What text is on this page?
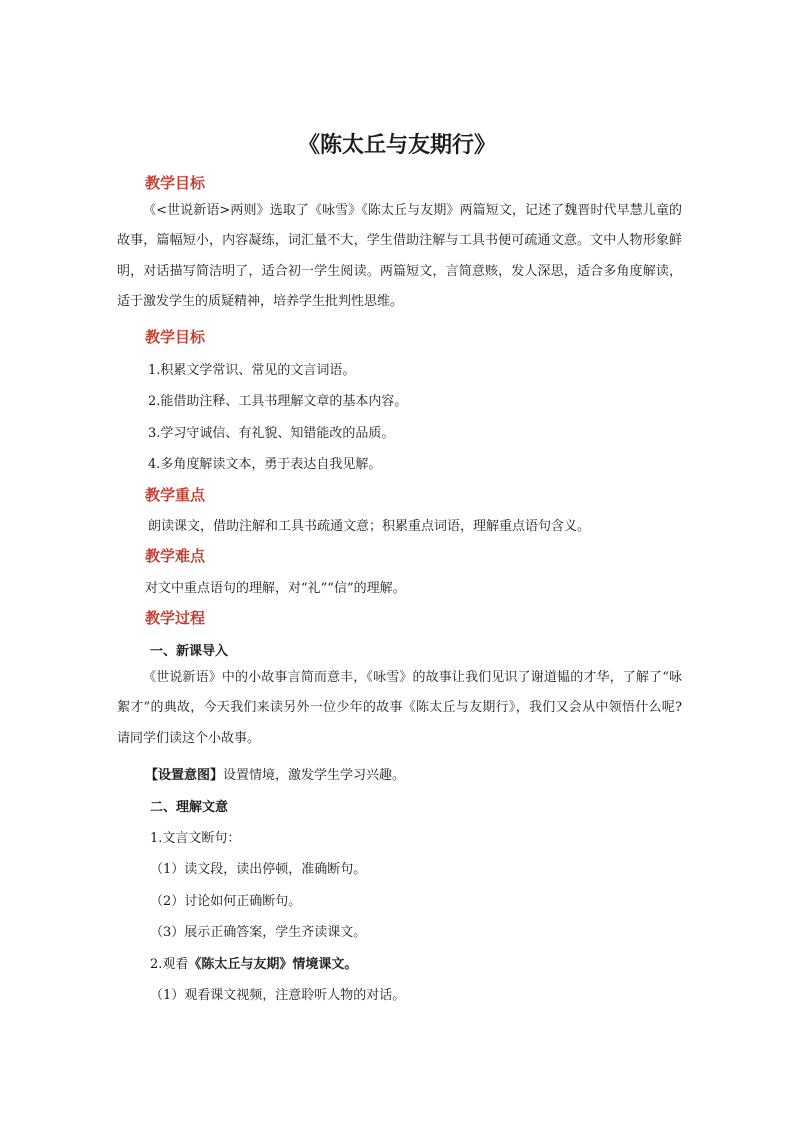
《陈太丘与友期行》
教学目标
《<世说新语>两则》选取了《咏雪》《陈太丘与友期》两篇短文，记述了魏晋时代早慧儿童的故事，篇幅短小，内容凝练，词汇量不大，学生借助注解与工具书便可疏通文意。文中人物形象鲜明，对话描写简洁明了，适合初一学生阅读。两篇短文，言简意赅，发人深思，适合多角度解读，适于激发学生的质疑精神，培养学生批判性思维。
教学目标
1.积累文学常识、常见的文言词语。
2.能借助注释、工具书理解文章的基本内容。
3.学习守诚信、有礼貌、知错能改的品质。
4.多角度解读文本，勇于表达自我见解。
教学重点
朗读课文，借助注解和工具书疏通文意；积累重点词语，理解重点语句含义。
教学难点
对文中重点语句的理解，对“礼”“信”的理解。
教学过程
一、新课导入
《世说新语》中的小故事言简而意丰，《咏雪》的故事让我们见识了谢道韫的才华，了解了“咏絮才”的典故，今天我们来读另外一位少年的故事《陈太丘与友期行》，我们又会从中领悟什么呢?请同学们读这个小故事。
【设置意图】设置情境，激发学生学习兴趣。
二、理解文意
1.文言文断句：
（1）读文段，读出停顿，准确断句。
（2）讨论如何正确断句。
（3）展示正确答案，学生齐读课文。
2.观看《陈太丘与友期》情境课文。
（1）观看课文视频，注意聆听人物的对话。
